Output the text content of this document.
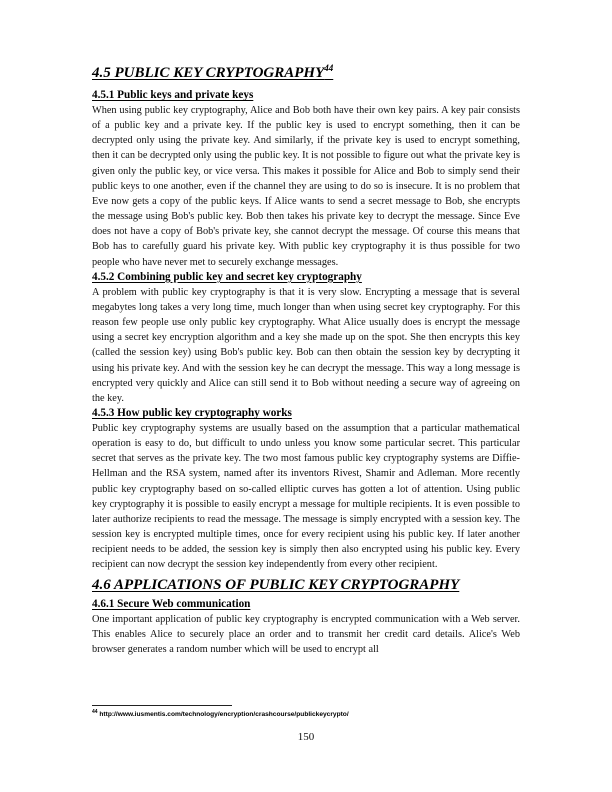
4.5 PUBLIC KEY CRYPTOGRAPHY$^{44}$
4.5.1 Public keys and private keys

When using public key cryptography, Alice and Bob both have their own key pairs. A key pair consists of a public key and a private key. If the public key is used to encrypt something, then it can be decrypted only using the private key. And similarly, if the private key is used to encrypt something, then it can be decrypted only using the public key. It is not possible to figure out what the private key is given only the public key, or vice versa. This makes it possible for Alice and Bob to simply send their public keys to one another, even if the channel they are using to do so is insecure. It is no problem that Eve now gets a copy of the public keys. If Alice wants to send a secret message to Bob, she encrypts the message using Bob's public key. Bob then takes his private key to decrypt the message. Since Eve does not have a copy of Bob's private key, she cannot decrypt the message. Of course this means that Bob has to carefully guard his private key. With public key cryptography it is thus possible for two people who have never met to securely exchange messages.

4.5.2 Combining public key and secret key cryptography

A problem with public key cryptography is that it is very slow. Encrypting a message that is several megabytes long takes a very long time, much longer than when using secret key cryptography. For this reason few people use only public key cryptography. What Alice usually does is encrypt the message using a secret key encryption algorithm and a key she made up on the spot. She then encrypts this key (called the session key) using Bob's public key. Bob can then obtain the session key by decrypting it using his private key. And with the session key he can decrypt the message. This way a long message is encrypted very quickly and Alice can still send it to Bob without needing a secure way of agreeing on the key.

4.5.3 How public key cryptography works

Public key cryptography systems are usually based on the assumption that a particular mathematical operation is easy to do, but difficult to undo unless you know some particular secret. This particular secret that serves as the private key. The two most famous public key cryptography systems are Diffie-Hellman and the RSA system, named after its inventors Rivest, Shamir and Adleman. More recently public key cryptography based on so-called elliptic curves has gotten a lot of attention. Using public key cryptography it is possible to easily encrypt a message for multiple recipients. It is even possible to later authorize recipients to read the message. The message is simply encrypted with a session key. The session key is encrypted multiple times, once for every recipient using his public key. If later another recipient needs to be added, the session key is simply then also encrypted using his public key. Every recipient can now decrypt the session key independently from every other recipient.

4.6 APPLICATIONS OF PUBLIC KEY CRYPTOGRAPHY
4.6.1 Secure Web communication

One important application of public key cryptography is encrypted communication with a Web server. This enables Alice to securely place an order and to transmit her credit card details. Alice's Web browser generates a random number which will be used to encrypt all

$^{44}$ http://www.iusmentis.com/technology/encryption/crashcourse/publickeycrypto/
150
